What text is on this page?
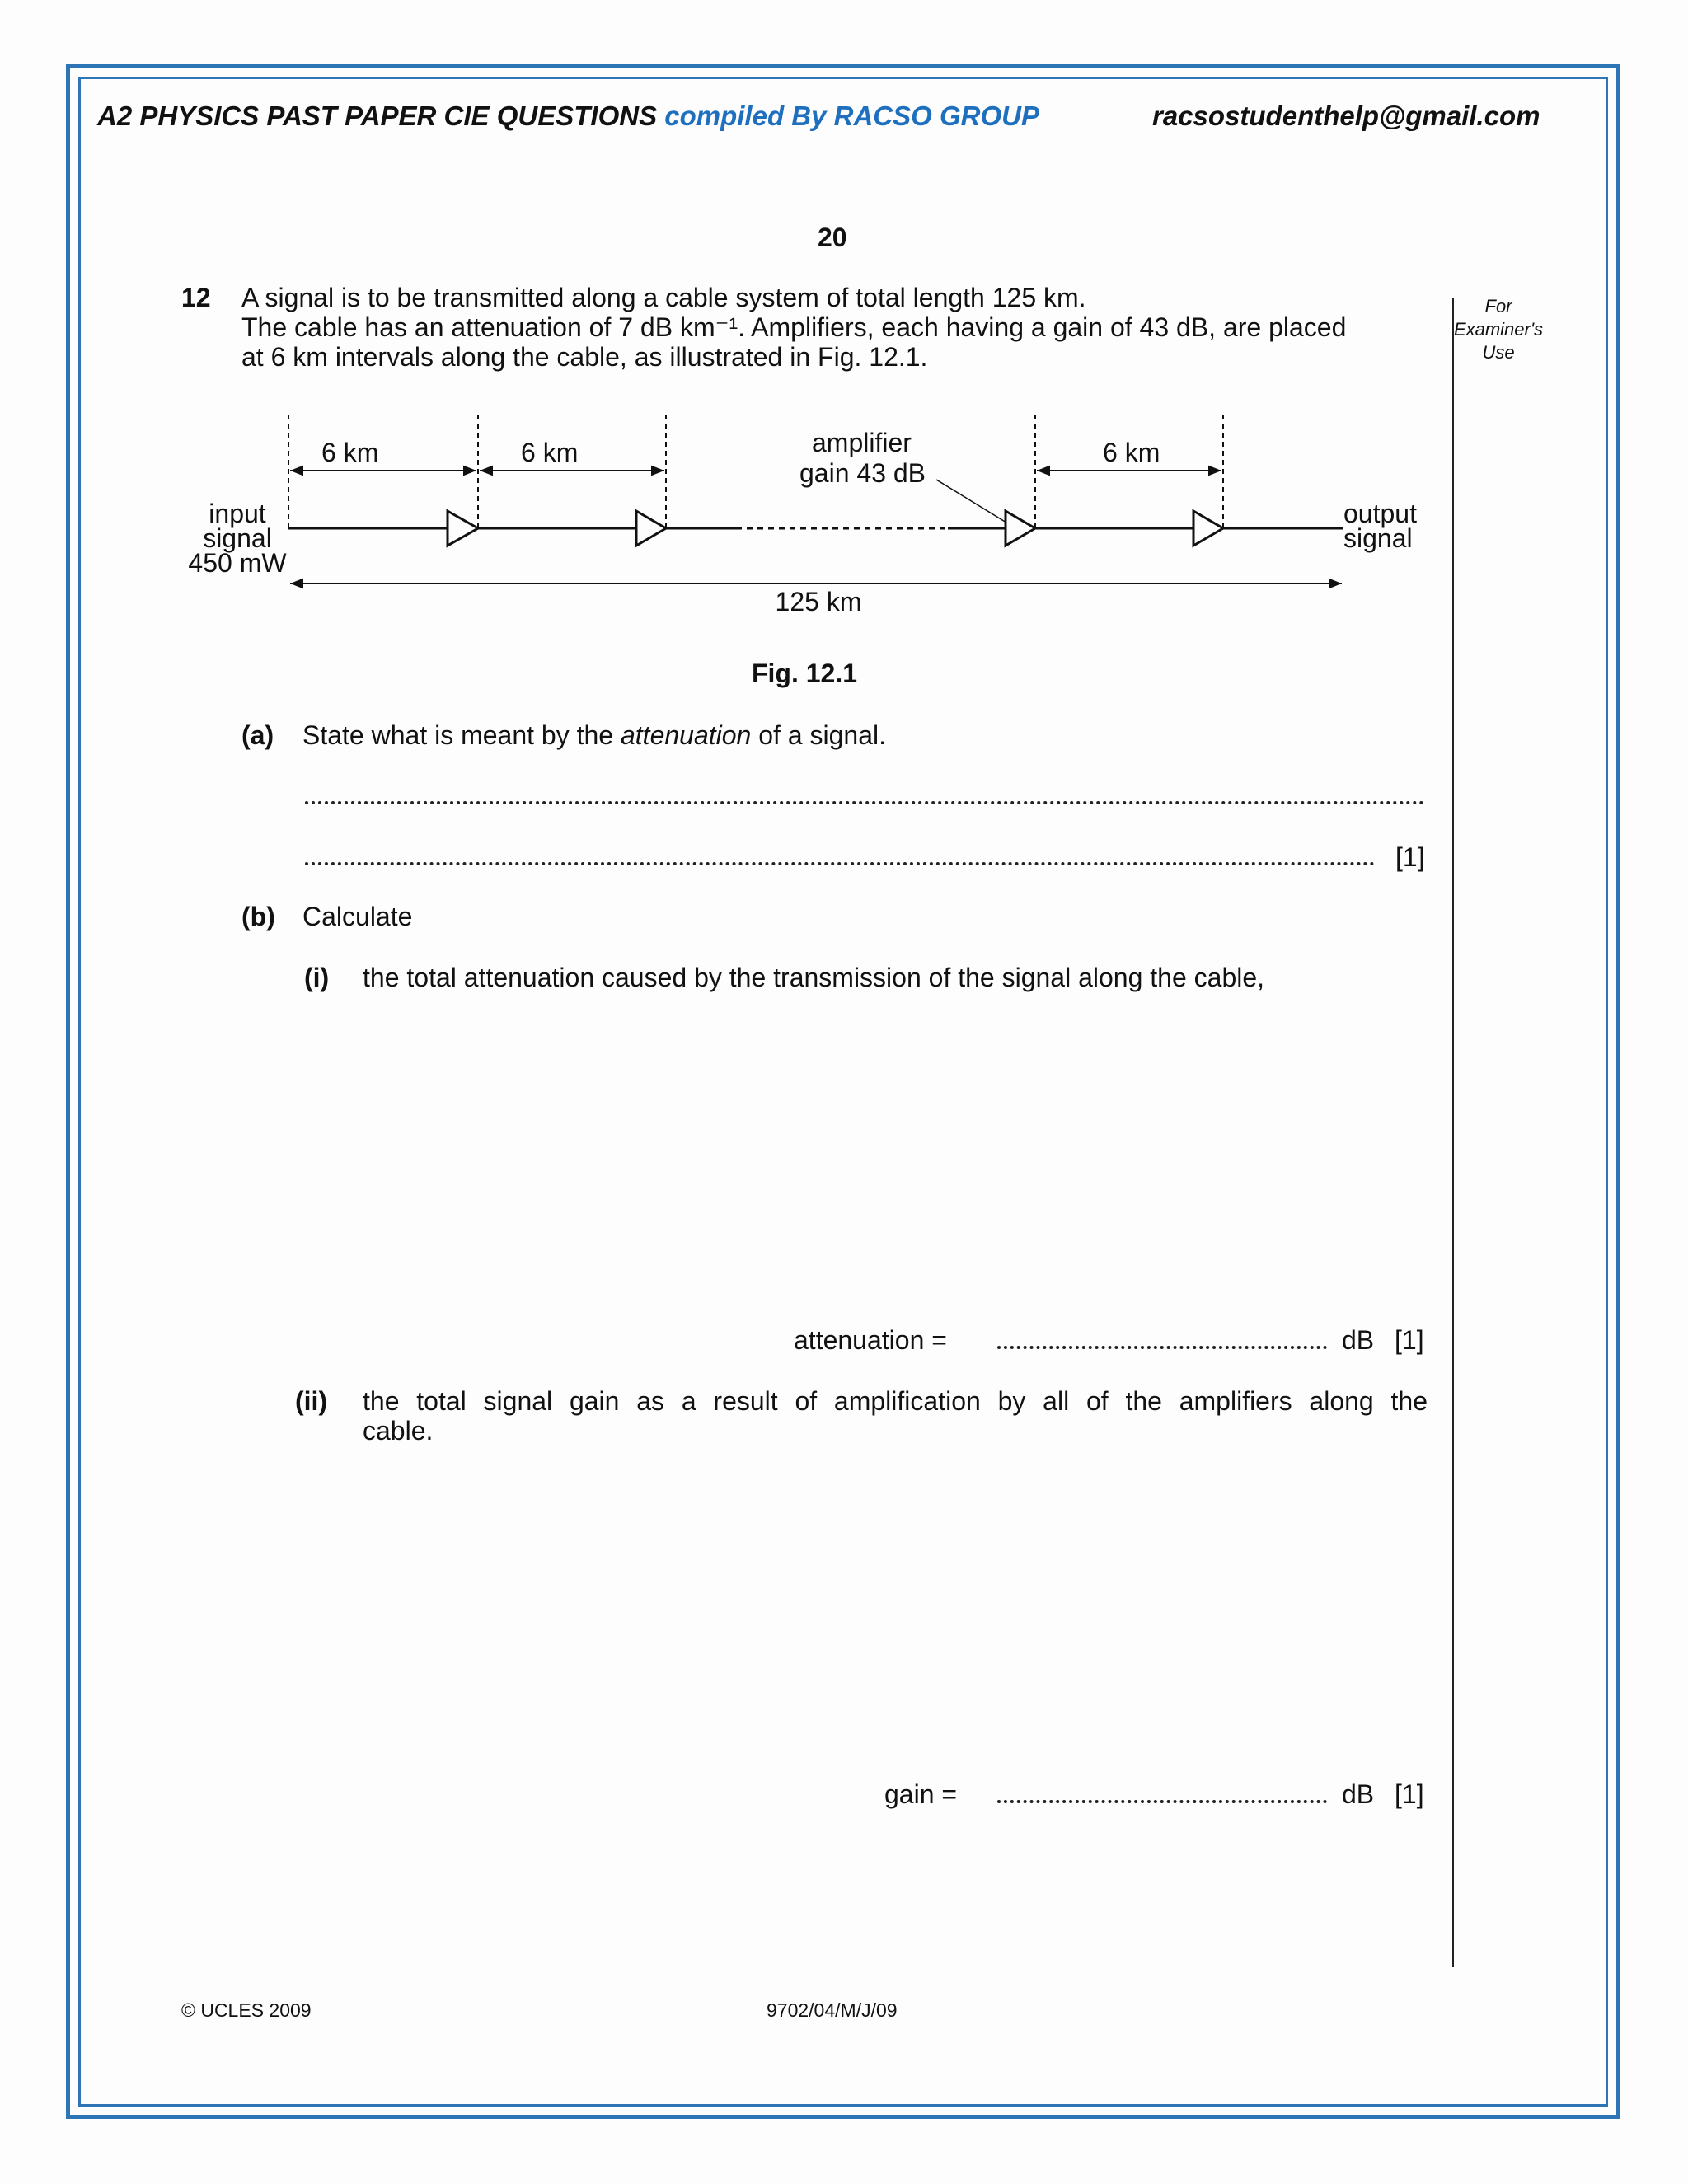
A2 PHYSICS PAST PAPER CIE QUESTIONS compiled By RACSO GROUP	racsostudenthelp@gmail.com
20
For
Examiner's
Use
12 A signal is to be transmitted along a cable system of total length 125 km.
The cable has an attenuation of 7 dB km⁻¹. Amplifiers, each having a gain of 43 dB, are placed
at 6 km intervals along the cable, as illustrated in Fig. 12.1.
6 km	6 km	6 km
amplifier
gain 43 dB
input
signal
450 mW
output
signal
125 km
Fig. 12.1
(a) State what is meant by the attenuation of a signal.
[1]
(b) Calculate
(i) the total attenuation caused by the transmission of the signal along the cable,
attenuation =	dB [1]
(ii) the total signal gain as a result of amplification by all of the amplifiers along the
cable.
gain =	dB [1]
© UCLES 2009	9702/04/M/J/09
